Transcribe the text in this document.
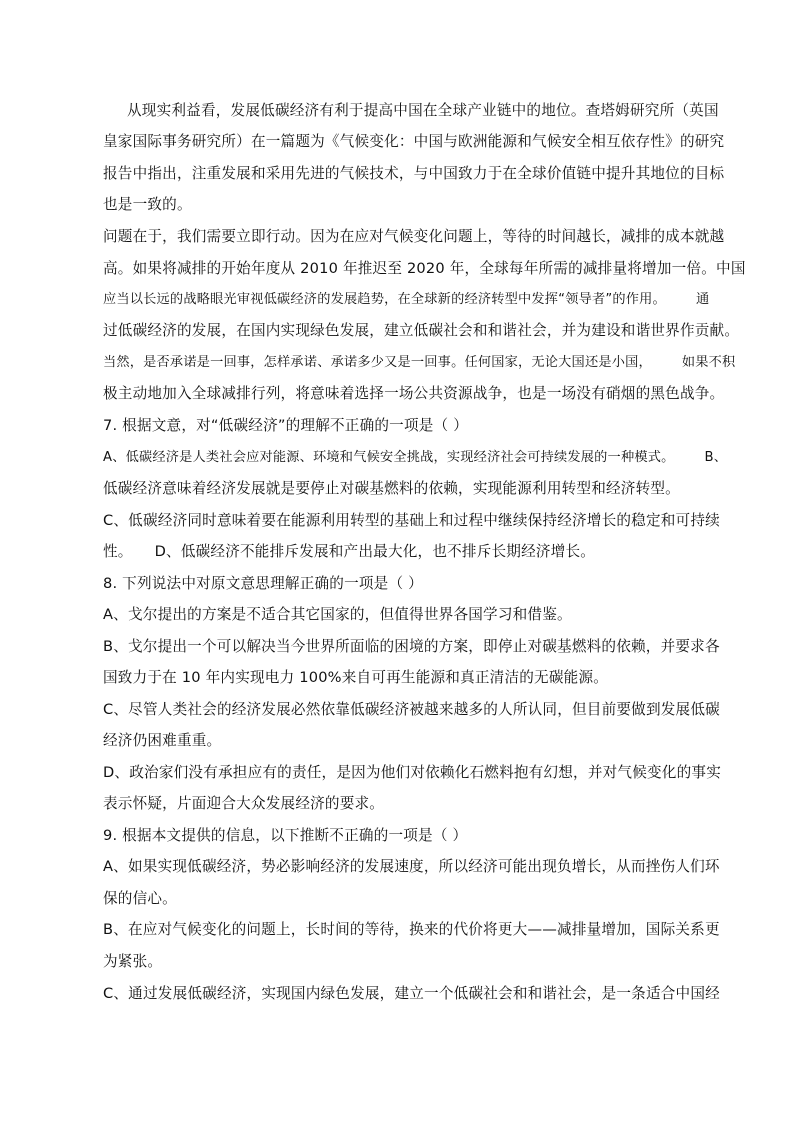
从现实利益看，发展低碳经济有利于提高中国在全球产业链中的地位。查塔姆研究所（英国
皇家国际事务研究所）在一篇题为《气候变化：中国与欧洲能源和气候安全相互依存性》的研究
报告中指出，注重发展和采用先进的气候技术，与中国致力于在全球价值链中提升其地位的目标
也是一致的。
问题在于，我们需要立即行动。因为在应对气候变化问题上，等待的时间越长，减排的成本就越
高。如果将减排的开始年度从 2010 年推迟至 2020 年，全球每年所需的减排量将增加一倍。中国
应当以长远的战略眼光审视低碳经济的发展趋势，在全球新的经济转型中发挥“领导者”的作用。 通
过低碳经济的发展，在国内实现绿色发展，建立低碳社会和和谐社会，并为建设和谐世界作贡献。
当然，是否承诺是一回事，怎样承诺、承诺多少又是一回事。任何国家，无论大国还是小国， 如果不积
极主动地加入全球减排行列，将意味着选择一场公共资源战争，也是一场没有硝烟的黑色战争。
7. 根据文意，对“低碳经济”的理解不正确的一项是（ ）
A、低碳经济是人类社会应对能源、环境和气候安全挑战，实现经济社会可持续发展的一种模式。 B、
低碳经济意味着经济发展就是要停止对碳基燃料的依赖，实现能源利用转型和经济转型。
C、低碳经济同时意味着要在能源利用转型的基础上和过程中继续保持经济增长的稳定和可持续
性。 D、低碳经济不能排斥发展和产出最大化，也不排斥长期经济增长。
8. 下列说法中对原文意思理解正确的一项是（ ）
A、戈尔提出的方案是不适合其它国家的，但值得世界各国学习和借鉴。
B、戈尔提出一个可以解决当今世界所面临的困境的方案，即停止对碳基燃料的依赖，并要求各
国致力于在 10 年内实现电力 100%来自可再生能源和真正清洁的无碳能源。
C、尽管人类社会的经济发展必然依靠低碳经济被越来越多的人所认同，但目前要做到发展低碳
经济仍困难重重。
D、政治家们没有承担应有的责任，是因为他们对依赖化石燃料抱有幻想，并对气候变化的事实
表示怀疑，片面迎合大众发展经济的要求。
9. 根据本文提供的信息，以下推断不正确的一项是（ ）
A、如果实现低碳经济，势必影响经济的发展速度，所以经济可能出现负增长，从而挫伤人们环
保的信心。
B、在应对气候变化的问题上，长时间的等待，换来的代价将更大——减排量增加，国际关系更
为紧张。
C、通过发展低碳经济，实现国内绿色发展，建立一个低碳社会和和谐社会，是一条适合中国经
